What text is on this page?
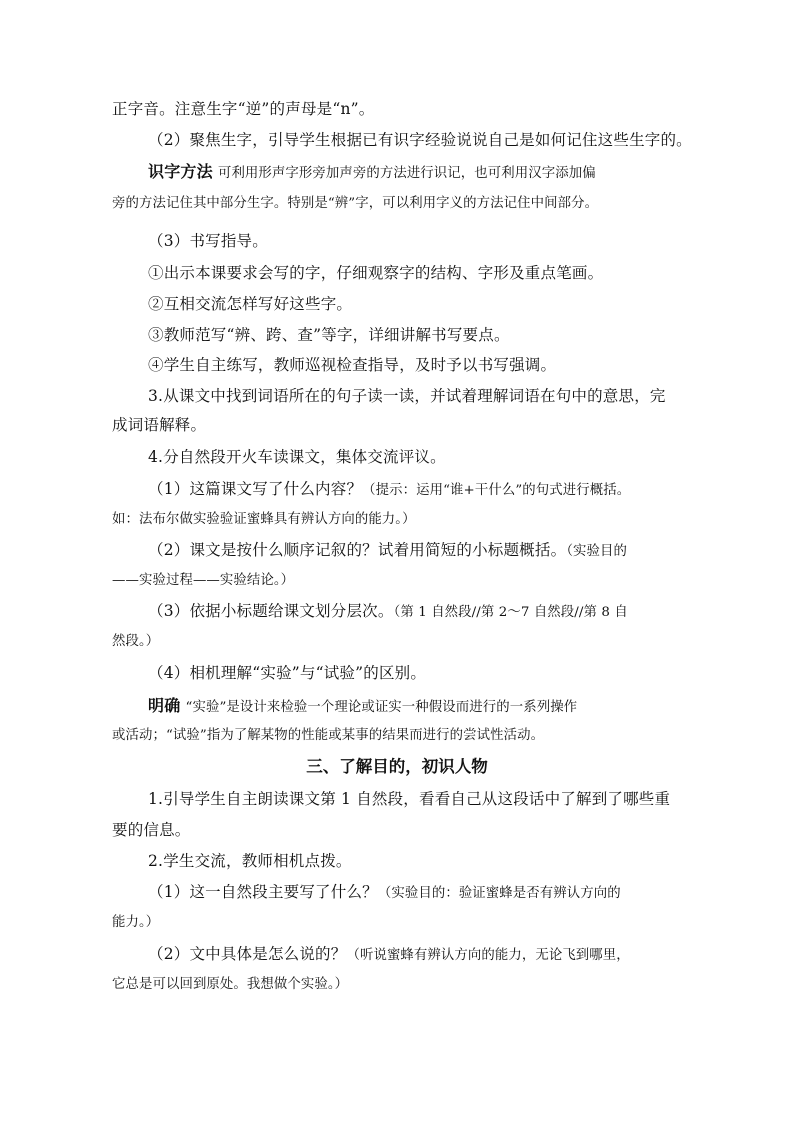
正字音。注意生字“逆”的声母是“n”。
（2）聚焦生字，引导学生根据已有识字经验说说自己是如何记住这些生字的。
识字方法 可利用形声字形旁加声旁的方法进行识记，也可利用汉字添加偏
旁的方法记住其中部分生字。特别是“辨”字，可以利用字义的方法记住中间部分。
（3）书写指导。
①出示本课要求会写的字，仔细观察字的结构、字形及重点笔画。
②互相交流怎样写好这些字。
③教师范写“辨、跨、查”等字，详细讲解书写要点。
④学生自主练写，教师巡视检查指导，及时予以书写强调。
3.从课文中找到词语所在的句子读一读，并试着理解词语在句中的意思，完
成词语解释。
4.分自然段开火车读课文，集体交流评议。
（1）这篇课文写了什么内容？（提示：运用“谁+干什么”的句式进行概括。
如：法布尔做实验验证蜜蜂具有辨认方向的能力。）
（2）课文是按什么顺序记叙的？试着用简短的小标题概括。（实验目的
——实验过程——实验结论。）
（3）依据小标题给课文划分层次。（第 1 自然段//第 2～7 自然段//第 8 自
然段。）
（4）相机理解“实验”与“试验”的区别。
明确 “实验”是设计来检验一个理论或证实一种假设而进行的一系列操作
或活动；“试验”指为了解某物的性能或某事的结果而进行的尝试性活动。
三、了解目的，初识人物
1.引导学生自主朗读课文第 1 自然段，看看自己从这段话中了解到了哪些重
要的信息。
2.学生交流，教师相机点拨。
（1）这一自然段主要写了什么？（实验目的：验证蜜蜂是否有辨认方向的
能力。）
（2）文中具体是怎么说的？（听说蜜蜂有辨认方向的能力，无论飞到哪里，
它总是可以回到原处。我想做个实验。）
